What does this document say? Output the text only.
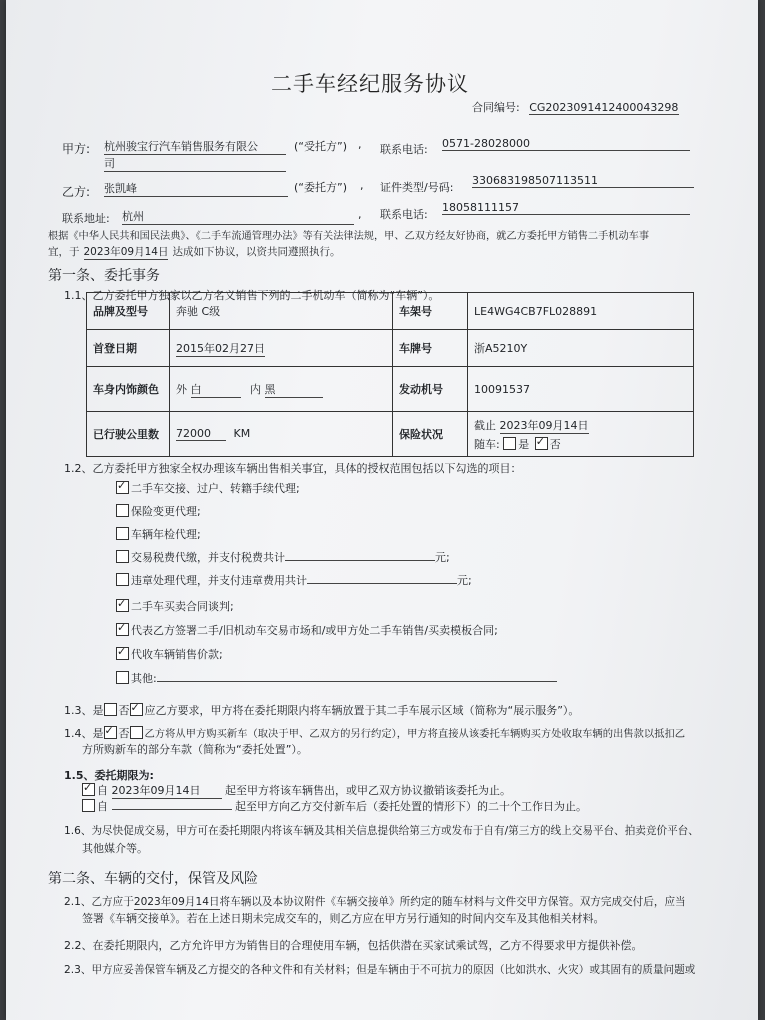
二手车经纪服务协议
合同编号: CG2023091412400043298
甲方: 杭州骏宝行汽车销售服务有限公
司
(“受托方”) , 联系电话: 0571-28028000
乙方: 张凯峰	(“委托方”) , 证件类型/号码:
330683198507113511
联系地址: 杭州	, 联系电话:
18058111157
根据《中华人民共和国民法典》、《二手车流通管理办法》等有关法律法规，甲、乙双方经友好协商，就乙方委托甲方销售二手机动车事
宜，于 2023年09月14日 达成如下协议，以资共同遵照执行。
第一条、委托事务
1.1、乙方委托甲方独家以乙方名义销售下列的二手机动车（简称为“车辆”）。
品牌及型号	奔驰 C级	车架号	LE4WG4CB7FL028891
首登日期	2015年02月27日	车牌号	浙A5210Y
车身内饰颜色	外 白 内 黑	发动机号	10091537
已行驶公里数	72000 KM	保险状况	截止 2023年09月14日
随车: 是 ✓ 否
1.2、乙方委托甲方独家全权办理该车辆出售相关事宜，具体的授权范围包括以下勾选的项目：
✓二手车交接、过户、转籍手续代理;
保险变更代理;
车辆年检代理;
交易税费代缴，并支付税费共计	元;
违章处理代理，并支付违章费用共计	元;
✓二手车买卖合同谈判;
✓代表乙方签署二手/旧机动车交易市场和/或甲方处二手车销售/买卖模板合同;
✓代收车辆销售价款;
其他:
1.3、是 否 ✓ 应乙方要求，甲方将在委托期限内将车辆放置于其二手车展示区域（简称为“展示服务”）。
1.4、是 ✓ 否 乙方将从甲方购买新车（取决于甲、乙双方的另行约定），甲方将直接从该委托车辆购买方处收取车辆的出售款以抵扣乙
方所购新车的部分车款（简称为“委托处置”）。
1.5、委托期限为:
✓自 2023年09月14日 起至甲方将该车辆售出，或甲乙双方协议撤销该委托为止。
自	起至甲方向乙方交付新车后（委托处置的情形下）的二十个工作日为止。
1.6、为尽快促成交易，甲方可在委托期限内将该车辆及其相关信息提供给第三方或发布于自有/第三方的线上交易平台、拍卖竞价平台、
其他媒介等。
第二条、车辆的交付，保管及风险
2.1、乙方应于2023年09月14日将车辆以及本协议附件《车辆交接单》所约定的随车材料与文件交甲方保管。双方完成交付后，应当
签署《车辆交接单》。若在上述日期未完成交车的，则乙方应在甲方另行通知的时间内交车及其他相关材料。
2.2、在委托期限内，乙方允许甲方为销售目的合理使用车辆，包括供潜在买家试乘试驾，乙方不得要求甲方提供补偿。
2.3、甲方应妥善保管车辆及乙方提交的各种文件和有关材料；但是车辆由于不可抗力的原因（比如洪水、火灾）或其固有的质量问题或
